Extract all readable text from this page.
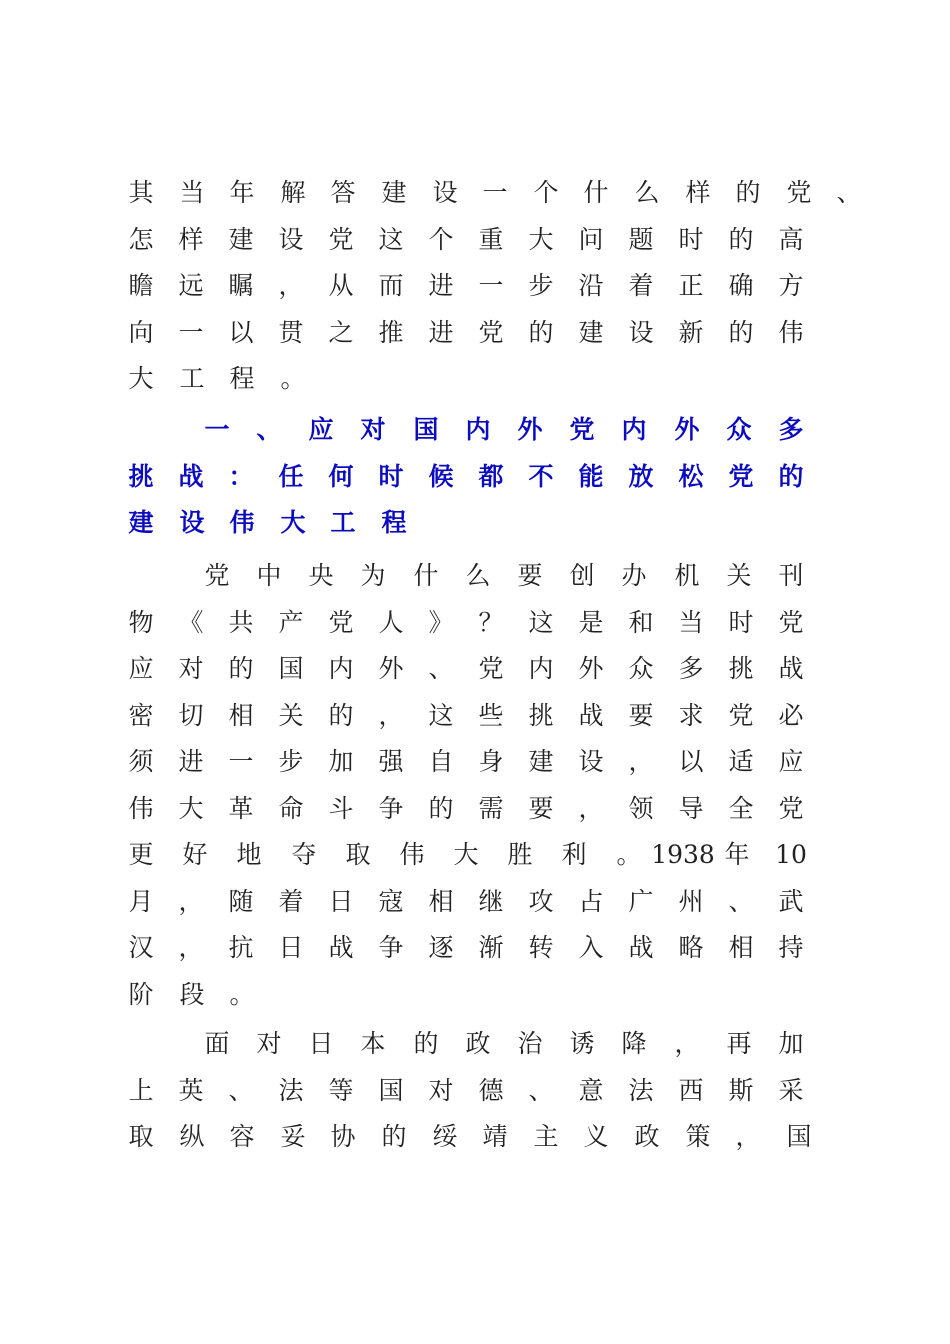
其 当 年 解 答 建 设 一 个 什 么 样 的 党 、
怎 样 建 设 党 这 个 重 大 问 题 时 的 高
瞻 远 瞩 ， 从 而 进 一 步 沿 着 正 确 方
向 一 以 贯 之 推 进 党 的 建 设 新 的 伟
大 工 程 。
一 、 应 对 国 内 外 党 内 外 众 多
挑 战 ： 任 何 时 候 都 不 能 放 松 党 的
建 设 伟 大 工 程
党 中 央 为 什 么 要 创 办 机 关 刊
物 《 共 产 党 人 》 ？ 这 是 和 当 时 党
应 对 的 国 内 外 、 党 内 外 众 多 挑 战
密 切 相 关 的 ， 这 些 挑 战 要 求 党 必
须 进 一 步 加 强 自 身 建 设 ， 以 适 应
伟 大 革 命 斗 争 的 需 要 ， 领 导 全 党
更 好 地 夺 取 伟 大 胜 利 。 1938 年 10
月 ， 随 着 日 寇 相 继 攻 占 广 州 、 武
汉 ， 抗 日 战 争 逐 渐 转 入 战 略 相 持
阶 段 。
面 对 日 本 的 政 治 诱 降 ， 再 加
上 英 、 法 等 国 对 德 、 意 法 西 斯 采
取 纵 容 妥 协 的 绥 靖 主 义 政 策 ， 国
